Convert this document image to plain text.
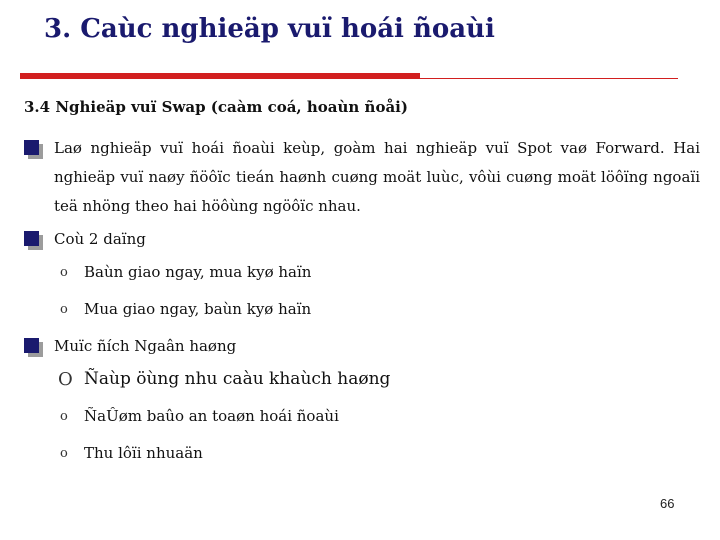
3. Caùc nghieäp vuï hoái ñoaùi
3.4 Nghieäp vuï Swap (caàm coá, hoaùn ñoåi)
Laø nghieäp vuï hoái ñoaùi keùp, goàm hai nghieäp vuï Spot vaø Forward. Hai nghieäp vuï naøy ñöôïc tieán haønh cuøng moät luùc, vôùi cuøng moät löôïng ngoaïi teä nhöng theo hai höôùng ngöôïc nhau.
Coù 2 daïng
o Baùn giao ngay, mua kyø haïn
o Mua giao ngay, baùn kyø haïn
Muïc ñích Ngaân haøng
O Ñaùp öùng nhu caàu khaùch haøng
o ÑaÛøm baûo an toaøn hoái ñoaùi
o Thu lôïi nhuaän
66
